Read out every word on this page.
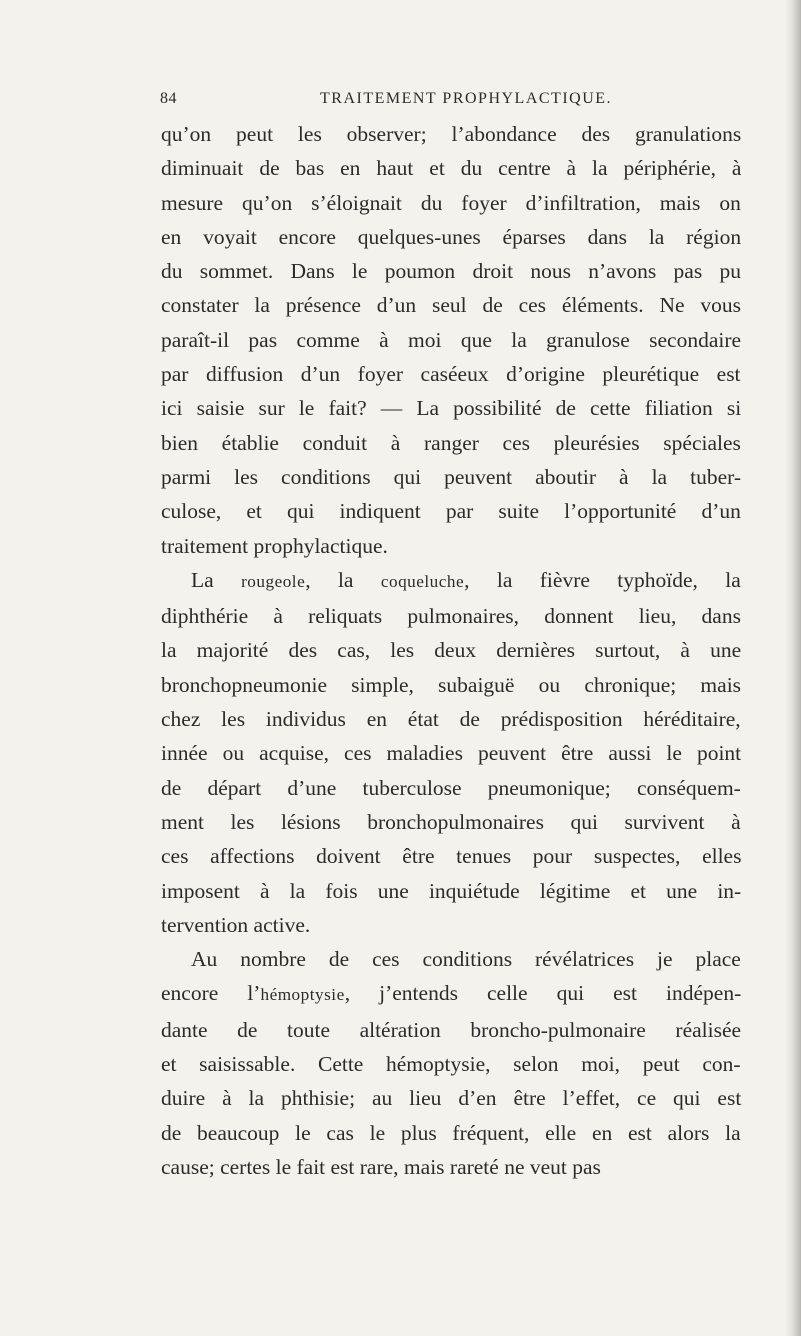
84	TRAITEMENT PROPHYLACTIQUE.
qu’on peut les observer; l’abondance des granulations
diminuait de bas en haut et du centre à la périphérie, à
mesure qu’on s’éloignait du foyer d’infiltration, mais on
en voyait encore quelques-unes éparses dans la région
du sommet. Dans le poumon droit nous n’avons pas pu
constater la présence d’un seul de ces éléments. Ne vous
paraît-il pas comme à moi que la granulose secondaire
par diffusion d’un foyer caséeux d’origine pleurétique est
ici saisie sur le fait? — La possibilité de cette filiation si
bien établie conduit à ranger ces pleurésies spéciales
parmi les conditions qui peuvent aboutir à la tuber-
culose, et qui indiquent par suite l’opportunité d’un
traitement prophylactique.
La rougeole, la coqueluche, la fièvre typhoïde, la
diphthérie à reliquats pulmonaires, donnent lieu, dans
la majorité des cas, les deux dernières surtout, à une
bronchopneumonie simple, subaiguë ou chronique; mais
chez les individus en état de prédisposition héréditaire,
innée ou acquise, ces maladies peuvent être aussi le point
de départ d’une tuberculose pneumonique; conséquem-
ment les lésions bronchopulmonaires qui survivent à
ces affections doivent être tenues pour suspectes, elles
imposent à la fois une inquiétude légitime et une in-
tervention active.
Au nombre de ces conditions révélatrices je place
encore l’hémoptysie, j’entends celle qui est indépen-
dante de toute altération broncho-pulmonaire réalisée
et saisissable. Cette hémoptysie, selon moi, peut con-
duire à la phthisie; au lieu d’en être l’effet, ce qui est
de beaucoup le cas le plus fréquent, elle en est alors la
cause; certes le fait est rare, mais rareté ne veut pas
